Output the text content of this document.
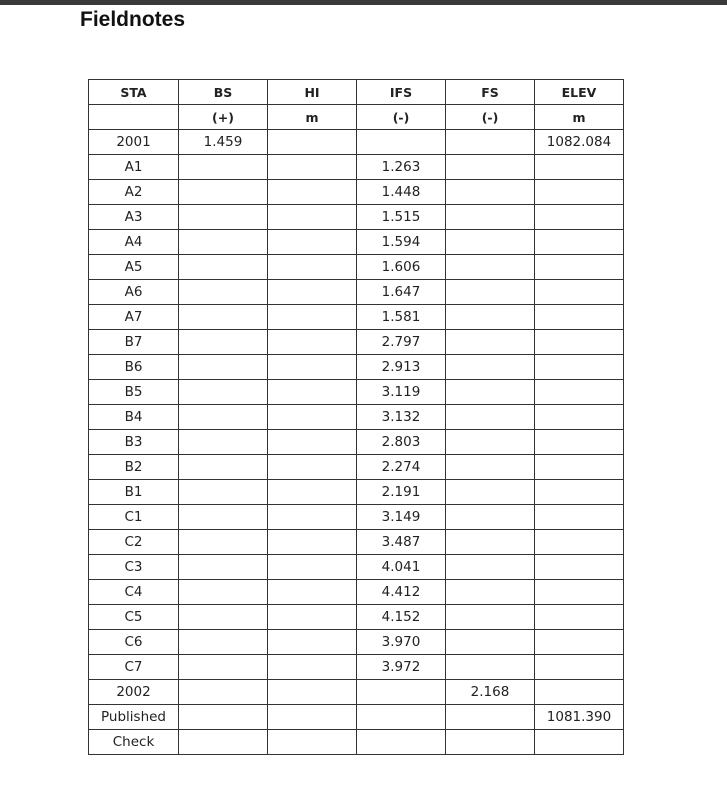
Fieldnotes
STA	BS	HI	IFS	FS	ELEV
	(+)	m	(-)	(-)	m
2001	1.459				1082.084
A1			1.263		
A2			1.448		
A3			1.515		
A4			1.594		
A5			1.606		
A6			1.647		
A7			1.581		
B7			2.797		
B6			2.913		
B5			3.119		
B4			3.132		
B3			2.803		
B2			2.274		
B1			2.191		
C1			3.149		
C2			3.487		
C3			4.041		
C4			4.412		
C5			4.152		
C6			3.970		
C7			3.972		
2002				2.168	
Published					1081.390
Check					
